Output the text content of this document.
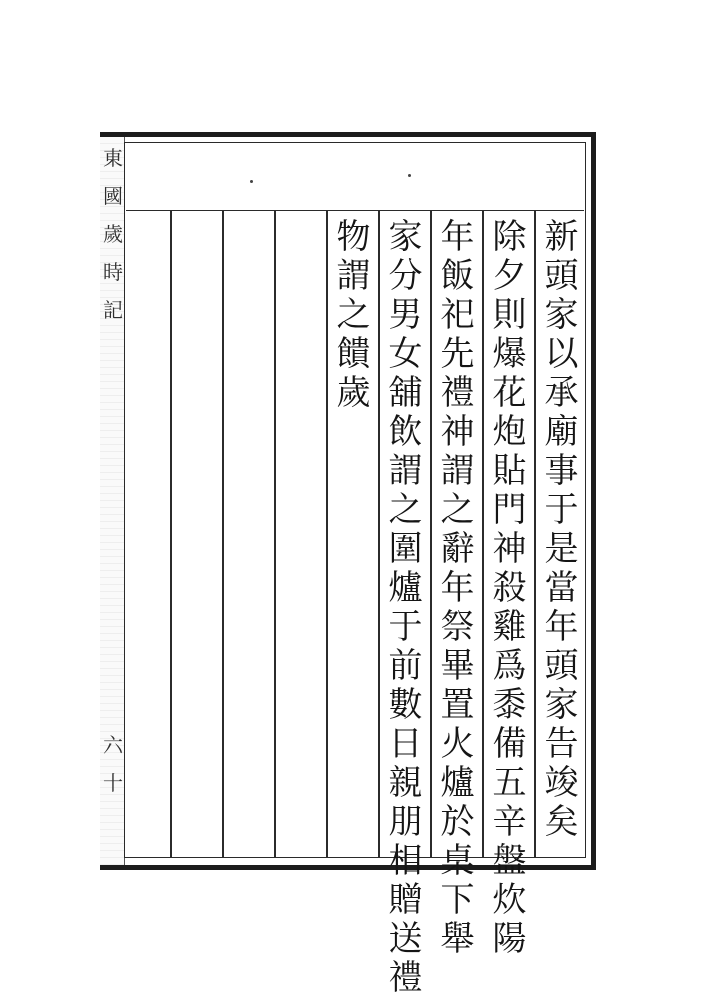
東
國
歲
時
記
六
十	新頭家以承廟事于是當年頭家告竣矣
除夕則爆花炮貼門神殺雞爲黍備五辛盤炊陽
年飯祀先禮神謂之辭年祭畢置火爐於桌下舉
家分男女舖飲謂之圍爐于前數日親朋相贈送禮
物謂之饋歲
